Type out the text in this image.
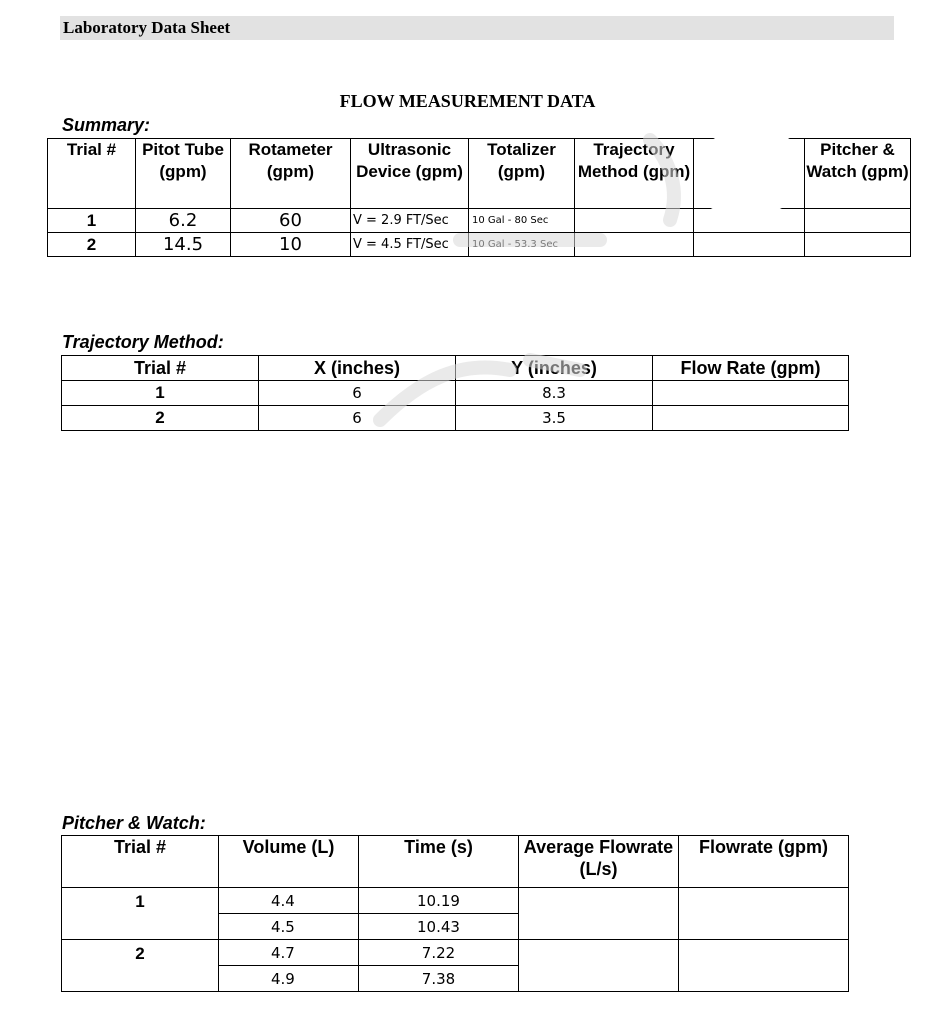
Laboratory Data Sheet
FLOW MEASUREMENT DATA
Summary:
Trial #	Pitot Tube (gpm)	Rotameter (gpm)	Ultrasonic Device (gpm)	Totalizer (gpm)	Trajectory Method (gpm)		Pitcher & Watch (gpm)
1	6.2	60	V = 2.9 FT/Sec	10 Gal - 80 Sec			
2	14.5	10	V = 4.5 FT/Sec	10 Gal - 53.3 Sec			
Trajectory Method:
Trial #	X (inches)	Y (inches)	Flow Rate (gpm)
1	6	8.3	
2	6	3.5	
Pitcher & Watch:
Trial #	Volume (L)	Time (s)	Average Flowrate (L/s)	Flowrate (gpm)
1	4.4	10.19		
	4.5	10.43		
2	4.7	7.22		
	4.9	7.38		
